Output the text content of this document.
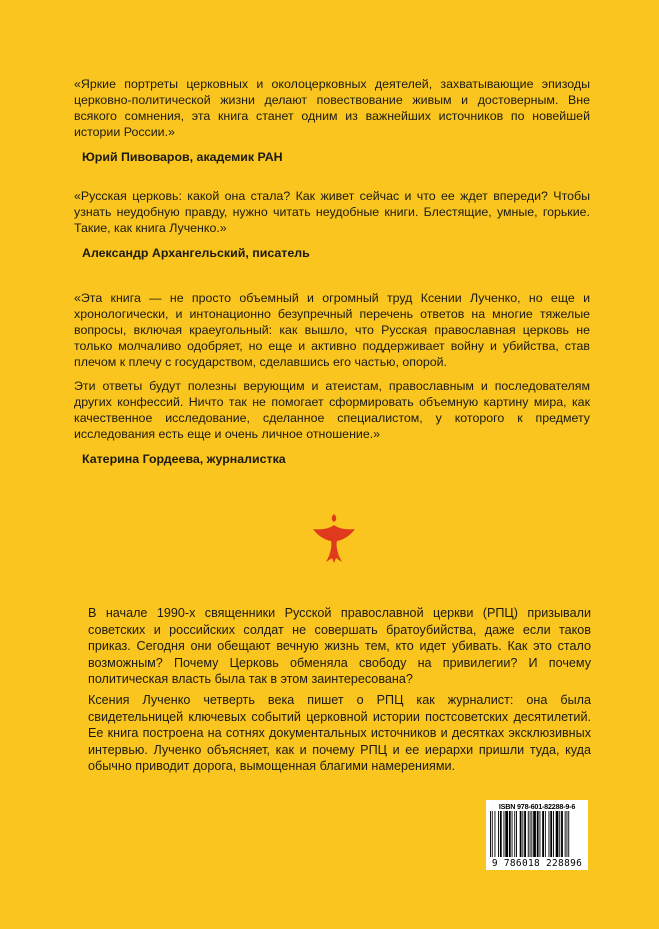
«Яркие портреты церковных и околоцерковных деятелей, захватывающие эпизоды церковно-политической жизни делают повествование живым и достоверным. Вне всякого сомнения, эта книга станет одним из важнейших источников по новейшей истории России.»

Юрий Пивоваров, академик РАН

«Русская церковь: какой она стала? Как живет сейчас и что ее ждет впереди? Чтобы узнать неудобную правду, нужно читать неудобные книги. Блестящие, умные, горькие. Такие, как книга Лученко.»

Александр Архангельский, писатель

«Эта книга — не просто объемный и огромный труд Ксении Лученко, но еще и хронологически, и интонационно безупречный перечень ответов на многие тяжелые вопросы, включая краеугольный: как вышло, что Русская православная церковь не только молчаливо одобряет, но еще и активно поддерживает войну и убийства, став плечом к плечу с государством, сделавшись его частью, опорой.

Эти ответы будут полезны верующим и атеистам, православным и последователям других конфессий. Ничто так не помогает сформировать объемную картину мира, как качественное исследование, сделанное специалистом, у которого к предмету исследования есть еще и очень личное отношение.»

Катерина Гордеева, журналистка

В начале 1990-х священники Русской православной церкви (РПЦ) призывали советских и российских солдат не совершать братоубийства, даже если таков приказ. Сегодня они обещают вечную жизнь тем, кто идет убивать. Как это стало возможным? Почему Церковь обменяла свободу на привилегии? И почему политическая власть была так в этом заинтересована?

Ксения Лученко четверть века пишет о РПЦ как журналист: она была свидетельницей ключевых событий церковной истории постсоветских десятилетий. Ее книга построена на сотнях документальных источников и десятках эксклюзивных интервью. Лученко объясняет, как и почему РПЦ и ее иерархи пришли туда, куда обычно приводит дорога, вымощенная благими намерениями.

ISBN 978-601-82288-9-6
9 786018 228896
